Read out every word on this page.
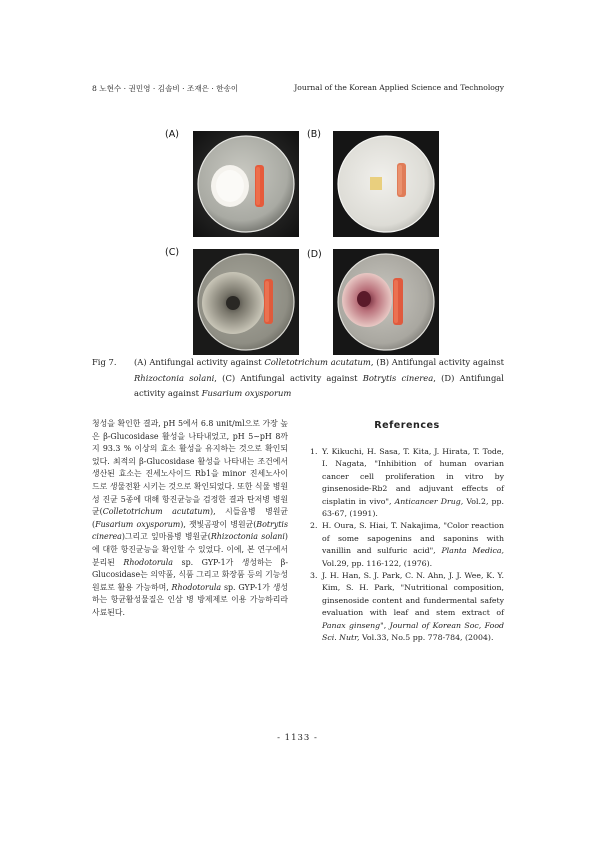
8 노현수 · 권민영 · 김솔비 · 조재은 · 한송이	Journal of the Korean Applied Science and Technology
(A)	(B)
(C)	(D)
Fig 7.	(A) Antifungal activity against Colletotrichum acutatum, (B) Antifungal activity against Rhizoctonia solani, (C) Antifungal activity against Botrytis cinerea, (D) Antifungal activity against Fusarium oxysporum
청성을 확인한 결과, pH 5에서 6.8 unit/ml으로 가장 높은 β-Glucosidase 활성을 나타내었고, pH 5~pH 8까지 93.3 % 이상의 효소 활성을 유지하는 것으로 확인되었다. 최적의 β-Glucosidase 활성을 나타내는 조건에서 생산된 효소는 진세노사이드 Rb1을 minor 진세노사이드로 생물전환 시키는 것으로 확인되었다. 또한 식물 병원성 진균 5종에 대해 항진균능을 검정한 결과 탄저병 병원균(Colletotrichum acutatum), 시들음병 병원균(Fusarium oxysporum), 잿빛곰팡이 병원균(Botrytis cinerea)그리고 잎마름병 병원균(Rhizoctonia solani)에 대한 항진균능을 확인할 수 있었다. 이에, 본 연구에서 분리된 Rhodotorula sp. GYP-1가 생성하는 β-Glucosidase는 의약품, 식품 그리고 화장품 등의 기능성 원료로 활용 가능하며, Rhodotorula sp. GYP-1가 생성하는 항균활성물질은 인삼 병 방제제로 이용 가능하리라 사료된다.
References
1. Y. Kikuchi, H. Sasa, T. Kita, J. Hirata, T. Tode, I. Nagata, "Inhibition of human ovarian cancer cell proliferation in vitro by ginsenoside-Rb2 and adjuvant effects of cisplatin in vivo", Anticancer Drug, Vol.2, pp. 63-67, (1991).
2. H. Oura, S. Hiai, T. Nakajima, "Color reaction of some sapogenins and saponins with vanillin and sulfuric acid", Planta Medica, Vol.29, pp. 116-122, (1976).
3. J. H. Han, S. J. Park, C. N. Ahn, J. J. Wee, K. Y. Kim, S. H. Park, "Nutritional composition, ginsenoside content and fundermental safety evaluation with leaf and stem extract of Panax ginseng", Journal of Korean Soc, Food Sci. Nutr, Vol.33, No.5 pp. 778-784, (2004).
- 1133 -
